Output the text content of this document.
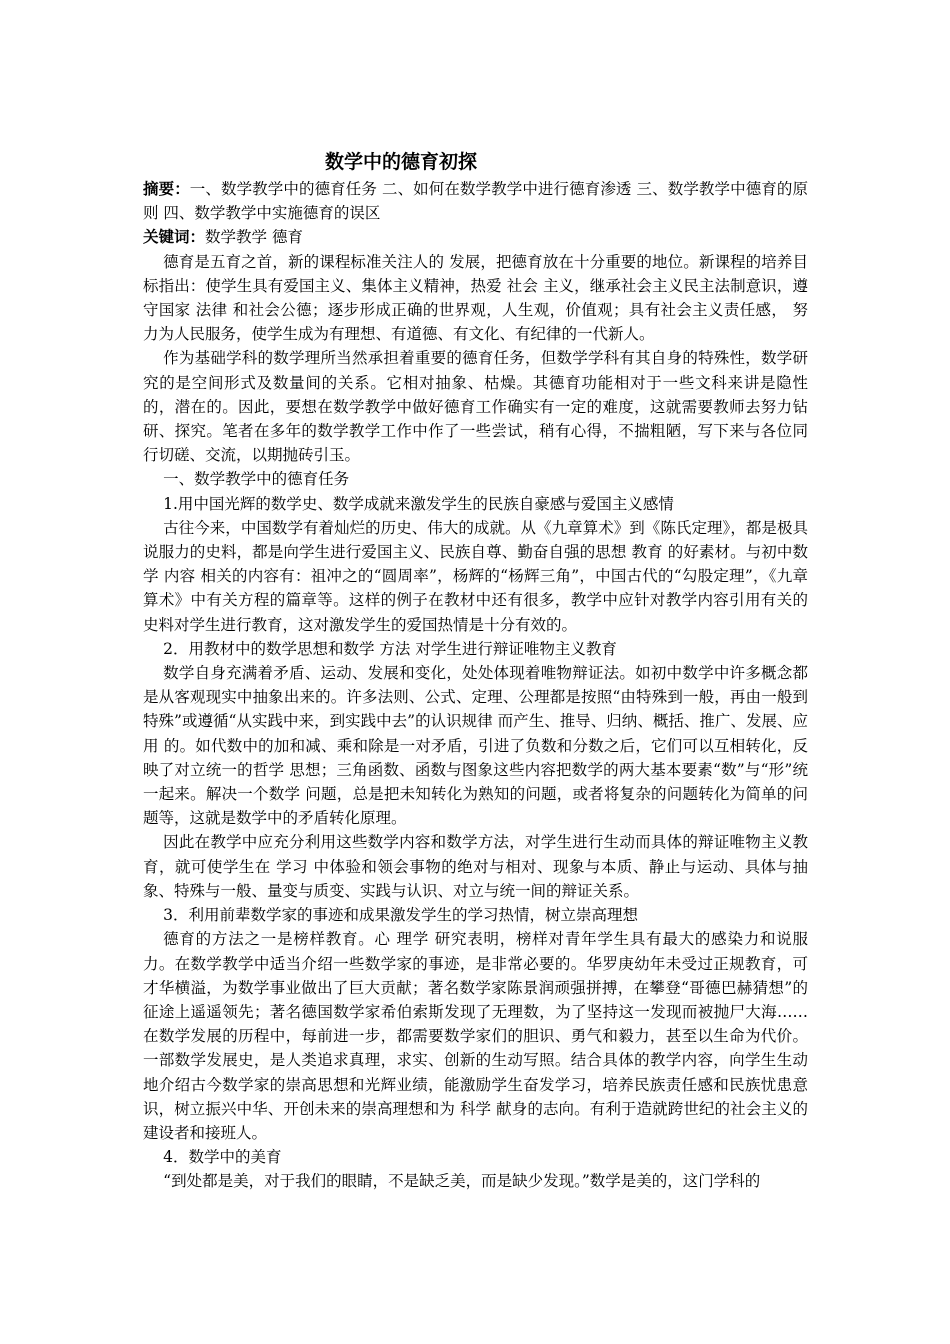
数学中的德育初探

摘要：一、数学教学中的德育任务 二、如何在数学教学中进行德育渗透 三、数学教学中德育的原则 四、数学教学中实施德育的误区

关键词：数学教学 德育

德育是五育之首，新的课程标准关注人的 发展，把德育放在十分重要的地位。新课程的培养目标指出：使学生具有爱国主义、集体主义精神，热爱 社会 主义，继承社会主义民主法制意识，遵守国家 法律 和社会公德；逐步形成正确的世界观，人生观，价值观；具有社会主义责任感， 努力为人民服务，使学生成为有理想、有道德、有文化、有纪律的一代新人。

作为基础学科的数学理所当然承担着重要的德育任务，但数学学科有其自身的特殊性，数学研究的是空间形式及数量间的关系。它相对抽象、枯燥。其德育功能相对于一些文科来讲是隐性的，潜在的。因此，要想在数学教学中做好德育工作确实有一定的难度，这就需要教师去努力钻研、探究。笔者在多年的数学教学工作中作了一些尝试，稍有心得，不揣粗陋，写下来与各位同行切磋、交流，以期抛砖引玉。

一、数学教学中的德育任务

1.用中国光辉的数学史、数学成就来激发学生的民族自豪感与爱国主义感情

古往今来，中国数学有着灿烂的历史、伟大的成就。从《九章算术》到《陈氏定理》，都是极具说服力的史料，都是向学生进行爱国主义、民族自尊、勤奋自强的思想 教育 的好素材。与初中数学 内容 相关的内容有：祖冲之的“圆周率”，杨辉的“杨辉三角”，中国古代的“勾股定理”，《九章算术》中有关方程的篇章等。这样的例子在教材中还有很多，教学中应针对教学内容引用有关的史料对学生进行教育，这对激发学生的爱国热情是十分有效的。

2．用教材中的数学思想和数学 方法 对学生进行辩证唯物主义教育

数学自身充满着矛盾、运动、发展和变化，处处体现着唯物辩证法。如初中数学中许多概念都是从客观现实中抽象出来的。许多法则、公式、定理、公理都是按照“由特殊到一般，再由一般到特殊”或遵循“从实践中来，到实践中去”的认识规律 而产生、推导、归纳、概括、推广、发展、应用 的。如代数中的加和减、乘和除是一对矛盾，引进了负数和分数之后，它们可以互相转化，反映了对立统一的哲学 思想；三角函数、函数与图象这些内容把数学的两大基本要素“数”与“形”统一起来。解决一个数学 问题，总是把未知转化为熟知的问题，或者将复杂的问题转化为简单的问题等，这就是数学中的矛盾转化原理。

因此在教学中应充分利用这些数学内容和数学方法，对学生进行生动而具体的辩证唯物主义教育，就可使学生在 学习 中体验和领会事物的绝对与相对、现象与本质、静止与运动、具体与抽象、特殊与一般、量变与质变、实践与认识、对立与统一间的辩证关系。

3．利用前辈数学家的事迹和成果激发学生的学习热情，树立崇高理想

德育的方法之一是榜样教育。心 理学 研究表明，榜样对青年学生具有最大的感染力和说服力。在数学教学中适当介绍一些数学家的事迹，是非常必要的。华罗庚幼年未受过正规教育，可才华横溢，为数学事业做出了巨大贡献；著名数学家陈景润顽强拼搏，在攀登“哥德巴赫猜想”的征途上遥遥领先；著名德国数学家希伯索斯发现了无理数，为了坚持这一发现而被抛尸大海……在数学发展的历程中，每前进一步，都需要数学家们的胆识、勇气和毅力，甚至以生命为代价。一部数学发展史，是人类追求真理，求实、创新的生动写照。结合具体的教学内容，向学生生动地介绍古今数学家的崇高思想和光辉业绩，能激励学生奋发学习，培养民族责任感和民族忧患意识，树立振兴中华、开创未来的崇高理想和为 科学 献身的志向。有利于造就跨世纪的社会主义的建设者和接班人。

4．数学中的美育

“到处都是美，对于我们的眼睛，不是缺乏美，而是缺少发现。”数学是美的，这门学科的
